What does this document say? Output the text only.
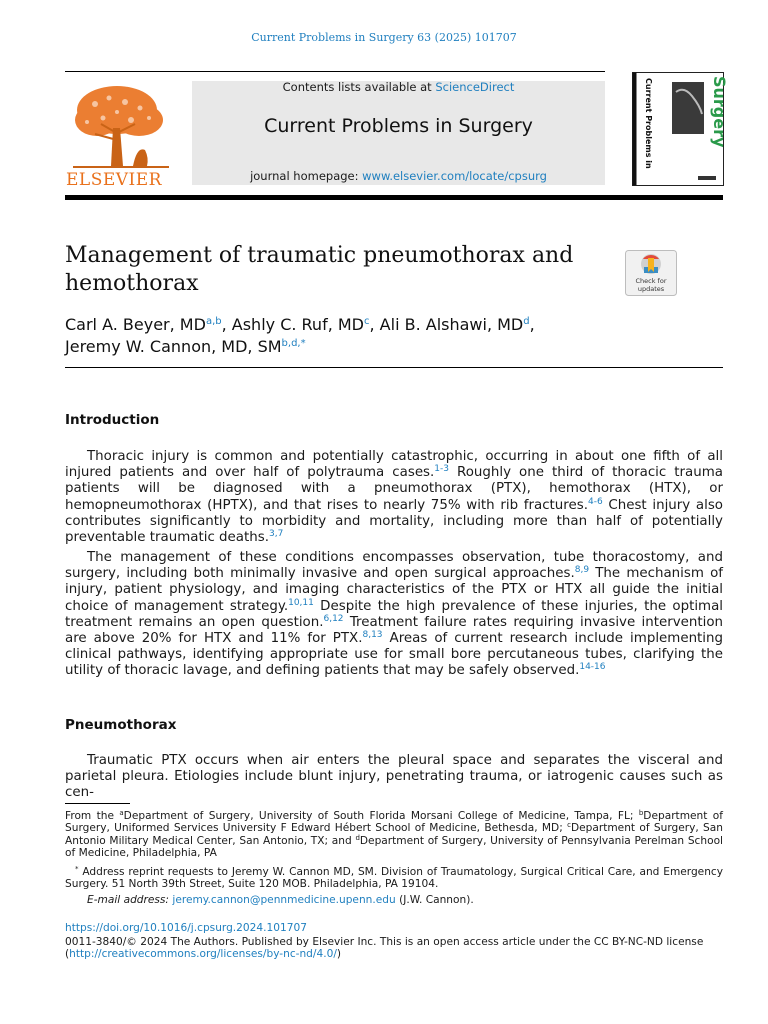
Current Problems in Surgery 63 (2025) 101707
ELSEVIER
Contents lists available at ScienceDirect
Current Problems in Surgery
journal homepage: www.elsevier.com/locate/cpsurg
Surgery
Current Problems in
Management of traumatic pneumothorax and hemothorax	Check for
updates
Carl A. Beyer, MD$^{a,b}$, Ashly C. Ruf, $MD^c$, Ali B. Alshawi, $MD^d$,
Jeremy W. Cannon, MD, $SM^{b,d,*}$
Introduction

Thoracic injury is common and potentially catastrophic, occurring in about one fifth of all injured patients and over half of polytrauma cases.$^{1-3}$ Roughly one third of thoracic trauma patients will be diagnosed with a pneumothorax (PTX), hemothorax (HTX), or hemopneumothorax (HPTX), and that rises to nearly 75% with rib fractures.$^{4-6}$ Chest injury also contributes significantly to morbidity and mortality, including more than half of potentially preventable traumatic deaths.$^{3,7}$

The management of these conditions encompasses observation, tube thoracostomy, and surgery, including both minimally invasive and open surgical approaches.$^{8,9}$ The mechanism of injury, patient physiology, and imaging characteristics of the PTX or HTX all guide the initial choice of management strategy.$^{10,11}$ Despite the high prevalence of these injuries, the optimal treatment remains an open question.$^{6,12}$ Treatment failure rates requiring invasive intervention are above 20% for HTX and 11% for PTX.$^{8,13}$ Areas of current research include implementing clinical pathways, identifying appropriate use for small bore percutaneous tubes, clarifying the utility of thoracic lavage, and defining patients that may be safely observed.$^{14-16}$

Pneumothorax

Traumatic PTX occurs when air enters the pleural space and separates the visceral and parietal pleura. Etiologies include blunt injury, penetrating trauma, or iatrogenic causes such as cen-

From the $^a$Department of Surgery, University of South Florida Morsani College of Medicine, Tampa, FL; $^b$Department of Surgery, Uniformed Services University F Edward Hébert School of Medicine, Bethesda, MD; $^c$Department of Surgery, San Antonio Military Medical Center, San Antonio, TX; and $^d$Department of Surgery, University of Pennsylvania Perelman School of Medicine, Philadelphia, PA

* Address reprint requests to Jeremy W. Cannon MD, SM. Division of Traumatology, Surgical Critical Care, and Emergency Surgery. 51 North 39th Street, Suite 120 MOB. Philadelphia, PA 19104.

E-mail address: jeremy.cannon@pennmedicine.upenn.edu (J.W. Cannon).

https://doi.org/10.1016/j.cpsurg.2024.101707

0011-3840/© 2024 The Authors. Published by Elsevier Inc. This is an open access article under the CC BY-NC-ND license
(http://creativecommons.org/licenses/by-nc-nd/4.0/)
